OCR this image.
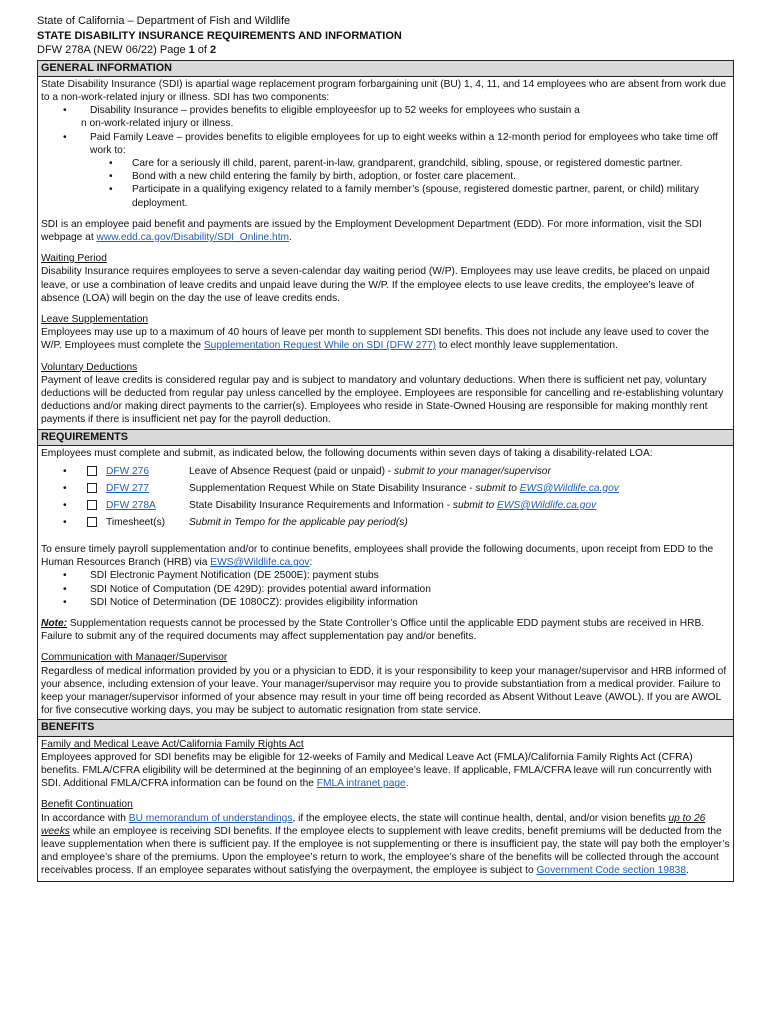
State of California – Department of Fish and Wildlife
STATE DISABILITY INSURANCE REQUIREMENTS AND INFORMATION
DFW 278A (NEW 06/22) Page 1 of 2
GENERAL INFORMATION

State Disability Insurance (SDI) is apartial wage replacement program forbargaining unit (BU) 1, 4, 11, and 14 employees who are absent from work due to a non-work-related injury or illness. SDI has two components:

• Disability Insurance – provides benefits to eligible employeesfor up to 52 weeks for employees who sustain a
n on-work-related injury or illness.
• Paid Family Leave – provides benefits to eligible employees for up to eight weeks within a 12-month period for employees who take time off work to:
• Care for a seriously ill child, parent, parent-in-law, grandparent, grandchild, sibling, spouse, or registered domestic partner.
• Bond with a new child entering the family by birth, adoption, or foster care placement.
• Participate in a qualifying exigency related to a family member’s (spouse, registered domestic partner, parent, or child) military deployment.

SDI is an employee paid benefit and payments are issued by the Employment Development Department (EDD). For more information, visit the SDI webpage at www.edd.ca.gov/Disability/SDI_Online.htm.

Waiting Period

Disability Insurance requires employees to serve a seven-calendar day waiting period (W/P). Employees may use leave credits, be placed on unpaid leave, or use a combination of leave credits and unpaid leave during the W/P. If the employee elects to use leave credits, the employee’s leave of absence (LOA) will begin on the day the use of leave credits ends.

Leave Supplementation

Employees may use up to a maximum of 40 hours of leave per month to supplement SDI benefits. This does not include any leave used to cover the W/P. Employees must complete the Supplementation Request While on SDI (DFW 277) to elect monthly leave supplementation.

Voluntary Deductions

Payment of leave credits is considered regular pay and is subject to mandatory and voluntary deductions. When there is sufficient net pay, voluntary deductions will be deducted from regular pay unless cancelled by the employee. Employees are responsible for cancelling and re-establishing voluntary deductions and/or making direct payments to the carrier(s). Employees who reside in State-Owned Housing are responsible for making monthly rent payments if there is insufficient net pay for the payroll deduction.

REQUIREMENTS

Employees must complete and submit, as indicated below, the following documents within seven days of taking a disability-related LOA:

•	DFW 276	Leave of Absence Request (paid or unpaid) - submit to your manager/supervisor
•	DFW 277	Supplementation Request While on State Disability Insurance - submit to EWS@Wildlife.ca.gov
•	DFW 278A	State Disability Insurance Requirements and Information - submit to EWS@Wildlife.ca.gov
•	Timesheet(s) Submit in Tempo for the applicable pay period(s)

To ensure timely payroll supplementation and/or to continue benefits, employees shall provide the following documents, upon receipt from EDD to the Human Resources Branch (HRB) via EWS@Wildlife.ca.gov:

• SDI Electronic Payment Notification (DE 2500E): payment stubs
• SDI Notice of Computation (DE 429D): provides potential award information
• SDI Notice of Determination (DE 1080CZ): provides eligibility information

Note: Supplementation requests cannot be processed by the State Controller’s Office until the applicable EDD payment stubs are received in HRB. Failure to submit any of the required documents may affect supplementation pay and/or benefits.

Communication with Manager/Supervisor

Regardless of medical information provided by you or a physician to EDD, it is your responsibility to keep your manager/supervisor and HRB informed of your absence, including extension of your leave. Your manager/supervisor may require you to provide substantiation from a medical provider. Failure to keep your manager/supervisor informed of your absence may result in your time off being recorded as Absent Without Leave (AWOL). If you are AWOL for five consecutive working days, you may be subject to automatic resignation from state service.

BENEFITS

Family and Medical Leave Act/California Family Rights Act

Employees approved for SDI benefits may be eligible for 12-weeks of Family and Medical Leave Act (FMLA)/California Family Rights Act (CFRA) benefits. FMLA/CFRA eligibility will be determined at the beginning of an employee’s leave. If applicable, FMLA/CFRA leave will run concurrently with SDI. Additional FMLA/CFRA information can be found on the FMLA intranet page.

Benefit Continuation

In accordance with BU memorandum of understandings, if the employee elects, the state will continue health, dental, and/or vision benefits up to 26 weeks while an employee is receiving SDI benefits. If the employee elects to supplement with leave credits, benefit premiums will be deducted from the leave supplementation when there is sufficient pay. If the employee is not supplementing or there is insufficient pay, the state will pay both the employer’s and employee’s share of the premiums. Upon the employee’s return to work, the employee’s share of the benefits will be collected through the account receivables process. If an employee separates without satisfying the overpayment, the employee is subject to Government Code section 19838.
